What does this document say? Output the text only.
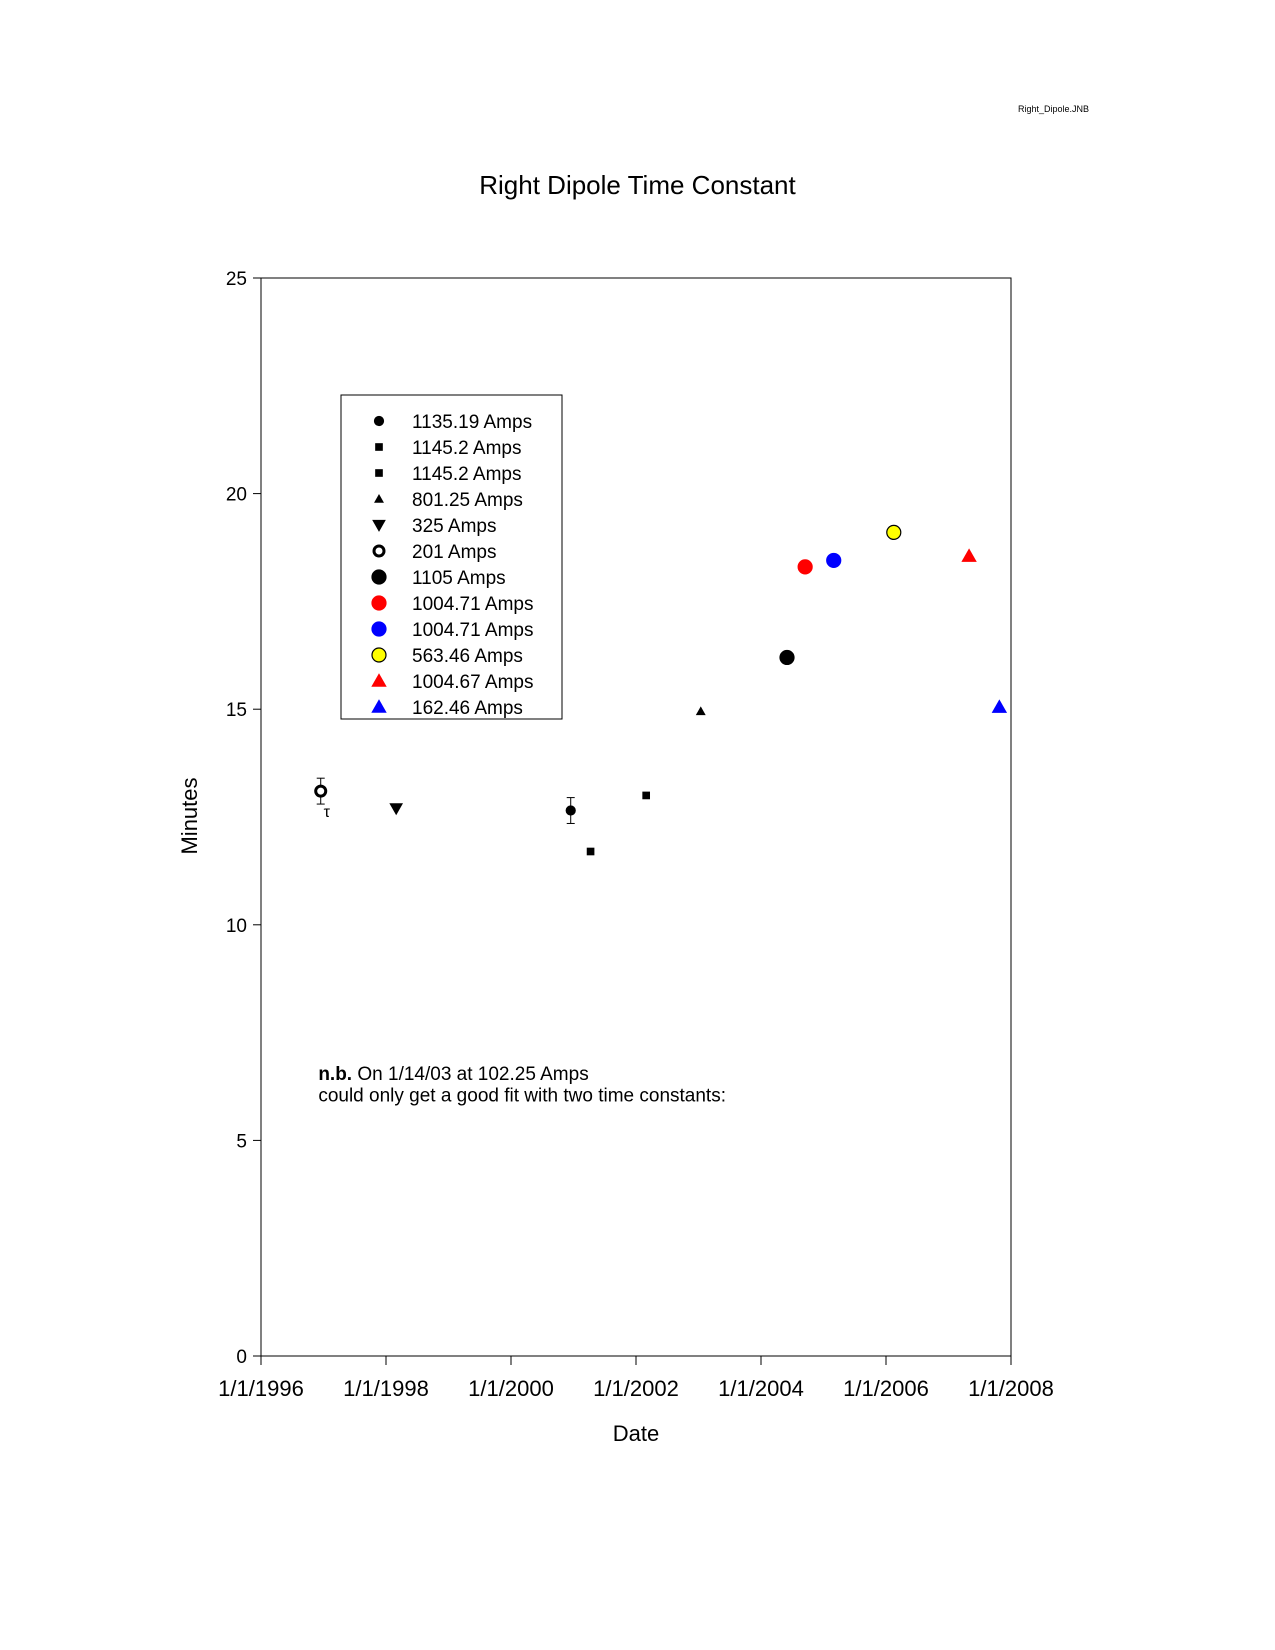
Right_Dipole.JNB
Right Dipole Time Constant
1/1/1996 1/1/1998 1/1/2000 1/1/2002 1/1/2004 1/1/2006 1/1/2008
0
5
10
15
20
25
Date
Minutes	τ
n.b. On 1/14/03 at 102.25 Amps
could only get a good fit with two time constants:
1135.19 Amps
1145.2 Amps
1145.2 Amps
801.25 Amps
325 Amps
201 Amps
1105 Amps
1004.71 Amps
1004.71 Amps
563.46 Amps
1004.67 Amps
162.46 Amps
